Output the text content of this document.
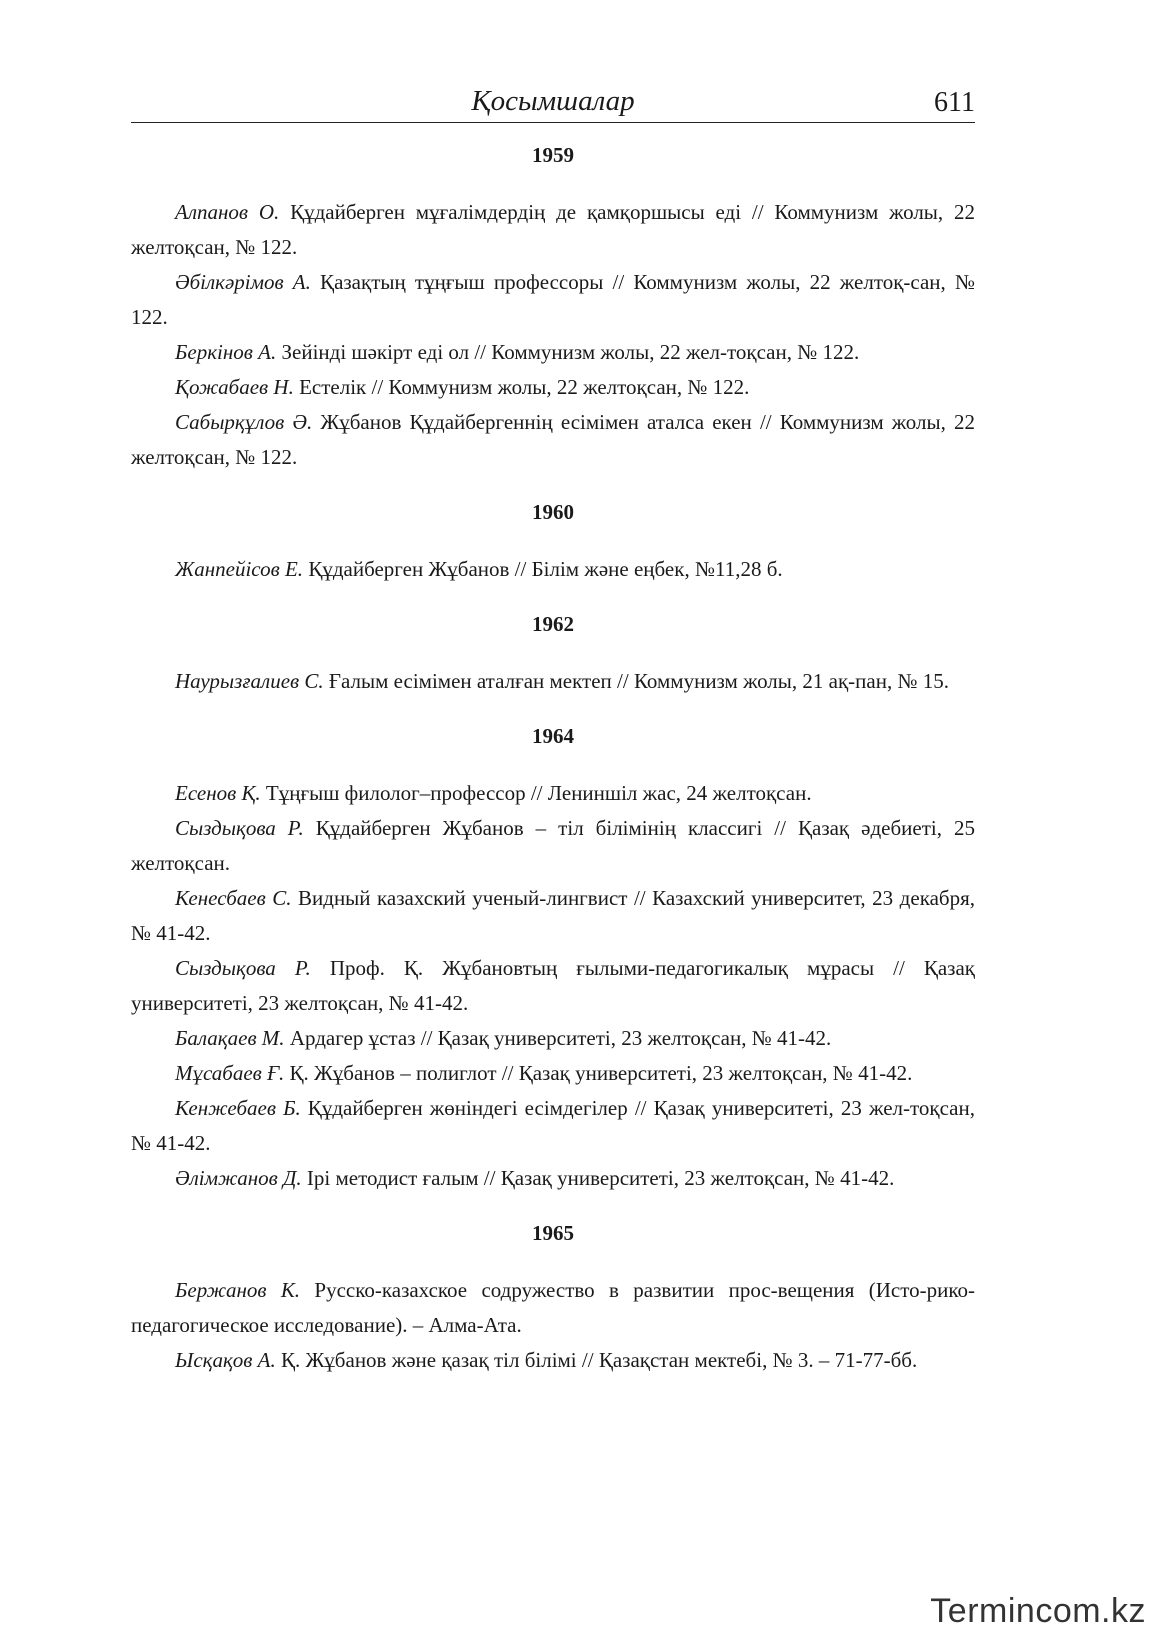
Қосымшалар	611
1959

Алпанов О. Құдайберген мұғалімдердің де қамқоршысы еді // Коммунизм жолы, 22 желтоқсан, № 122.

Әбілкәрімов А. Қазақтың тұңғыш профессоры // Коммунизм жолы, 22 желтоқ-сан, № 122.

Беркінов А. Зейінді шәкірт еді ол // Коммунизм жолы, 22 жел-тоқсан, № 122.

Қожабаев Н. Естелік // Коммунизм жолы, 22 желтоқсан, № 122.

Сабырқұлов Ә. Жұбанов Құдайбергеннің есімімен аталса екен // Коммунизм жолы, 22 желтоқсан, № 122.

1960

Жанпейісов Е. Құдайберген Жұбанов // Білім және еңбек, №11,28 б.

1962

Наурызғалиев С. Ғалым есімімен аталған мектеп // Коммунизм жолы, 21 ақ-пан, № 15.

1964

Есенов Қ. Тұңғыш филолог–профессор // Лениншіл жас, 24 желтоқсан.

Сыздықова Р. Құдайберген Жұбанов – тіл білімінің классигі // Қазақ әдебиеті, 25 желтоқсан.

Кенесбаев С. Видный казахский ученый-лингвист // Казахский университет, 23 декабря, № 41-42.

Сыздықова Р. Проф. Қ. Жұбановтың ғылыми-педагогикалық мұрасы // Қазақ университеті, 23 желтоқсан, № 41-42.

Балақаев М. Ардагер ұстаз // Қазақ университеті, 23 желтоқсан, № 41-42.

Мұсабаев Ғ. Қ. Жұбанов – полиглот // Қазақ университеті, 23 желтоқсан, № 41-42.

Кенжебаев Б. Құдайберген жөніндегі есімдегілер // Қазақ университеті, 23 жел-тоқсан, № 41-42.

Әлімжанов Д. Ірі методист ғалым // Қазақ университеті, 23 желтоқсан, № 41-42.

1965

Бержанов К. Русско-казахское содружество в развитии прос-вещения (Исто-рико-педагогическое исследование). – Алма-Ата.

Ысқақов А. Қ. Жұбанов және қазақ тіл білімі // Қазақстан мектебі, № 3. – 71-77-бб.

Termincom.kz
